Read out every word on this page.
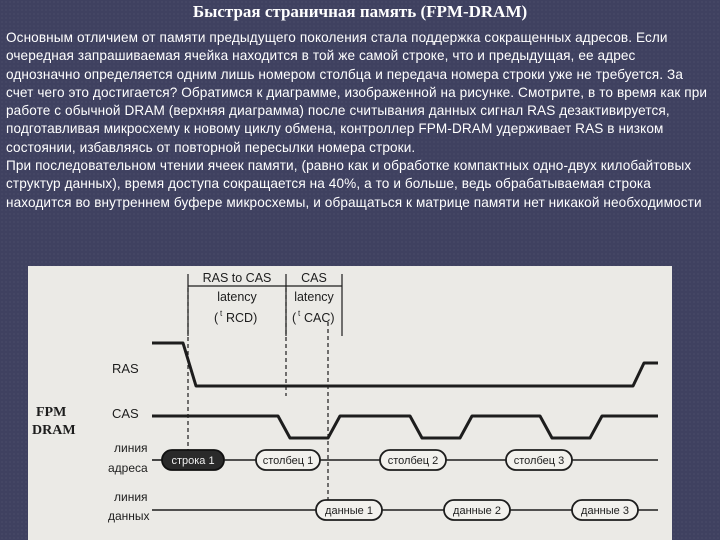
Быстрая страничная память (FPM-DRAM)

Основным отличием от памяти предыдущего поколения стала поддержка сокращенных адресов. Если очередная запрашиваемая ячейка находится в той же самой строке, что и предыдущая, ее адрес однозначно определяется одним лишь номером столбца и передача номера строки уже не требуется. За счет чего это достигается? Обратимся к диаграмме, изображенной на рисунке. Смотрите, в то время как при работе с обычной DRAM (верхняя диаграмма) после считывания данных сигнал RAS дезактивируется, подготавливая микросхему к новому циклу обмена, контроллер FPM-DRAM удерживает RAS в низком состоянии, избавляясь от повторной пересылки номера строки.

При последовательном чтении ячеек памяти, (равно как и обработке компактных одно-двух килобайтовых структур данных), время доступа сокращается на 40%, а то и больше, ведь обрабатываемая строка находится во внутреннем буфере микросхемы, и обращаться к матрице памяти нет никакой необходимости

RAS to CAS CAS
latency	latency
( t RCD)	( t CAC)
RAS
CAS
FPM
DRAM
линия
адреса
линия
данных
строка 1	столбец 1	столбец 2	столбец 3
данные 1	данные 2	данные 3
